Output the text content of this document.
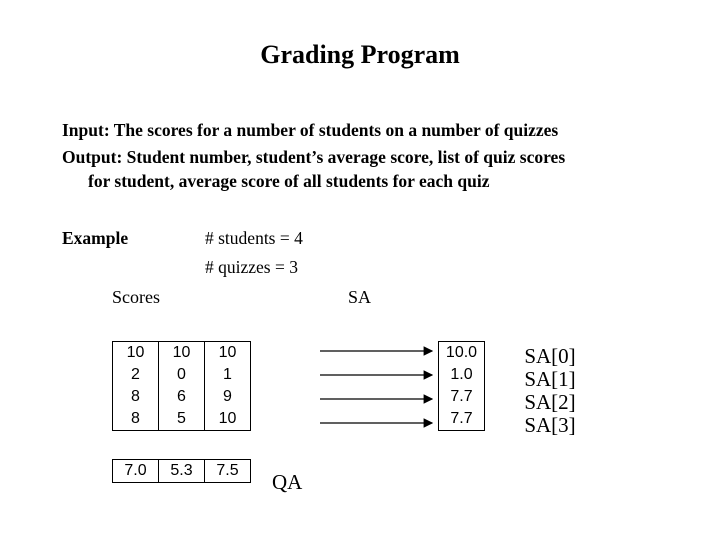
Grading Program
Input: The scores for a number of students on a number of quizzes
Output: Student number, student’s average score, list of quiz scores
for student, average score of all students for each quiz
Example	# students = 4
# quizzes = 3
Scores	SA
10	10	10
2	0	1
8	6	9
8	5	10
7.0	5.3	7.5 QA
10.0
1.0
7.7
7.7
SA[0]
SA[1]
SA[2]
SA[3]
